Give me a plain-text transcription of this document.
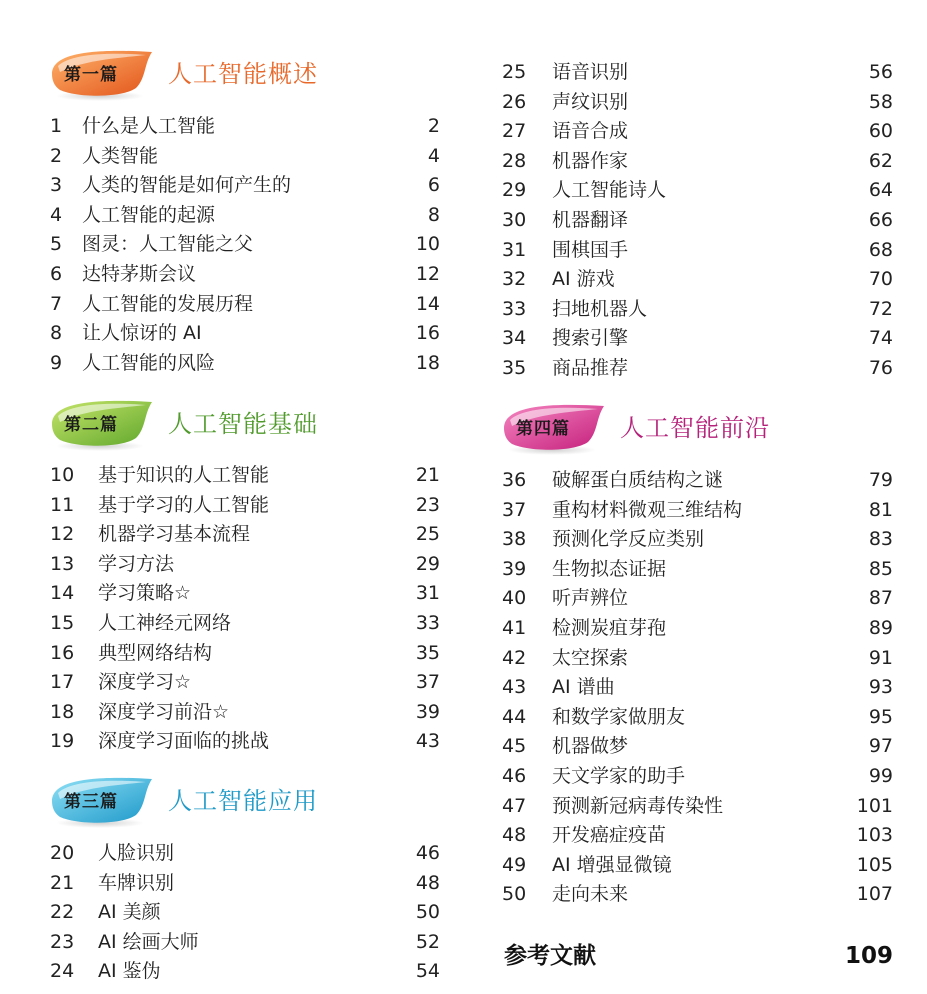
第一篇 人工智能概述
1 什么是人工智能	2
2 人类智能	4
3 人类的智能是如何产生的	6
4 人工智能的起源	8
5 图灵：人工智能之父	10
6 达特茅斯会议	12
7 人工智能的发展历程	14
8 让人惊讶的 AI	16
9 人工智能的风险	18
第二篇 人工智能基础
10 基于知识的人工智能	21
11 基于学习的人工智能	23
12 机器学习基本流程	25
13 学习方法	29
14 学习策略☆	31
15 人工神经元网络	33
16 典型网络结构	35
17 深度学习☆	37
18 深度学习前沿☆	39
19 深度学习面临的挑战	43
第三篇 人工智能应用
20 人脸识别	46
21 车牌识别	48
22 AI 美颜	50
23 AI 绘画大师	52
24 AI 鉴伪	54
25 语音识别	56
26 声纹识别	58
27 语音合成	60
28 机器作家	62
29 人工智能诗人	64
30 机器翻译	66
31 围棋国手	68
32 AI 游戏	70
33 扫地机器人	72
34 搜索引擎	74
35 商品推荐	76
第四篇 人工智能前沿
36 破解蛋白质结构之谜	79
37 重构材料微观三维结构	81
38 预测化学反应类别	83
39 生物拟态证据	85
40 听声辨位	87
41 检测炭疽芽孢	89
42 太空探索	91
43 AI 谱曲	93
44 和数学家做朋友	95
45 机器做梦	97
46 天文学家的助手	99
47 预测新冠病毒传染性	101
48 开发癌症疫苗	103
49 AI 增强显微镜	105
50 走向未来	107
参考文献	109
